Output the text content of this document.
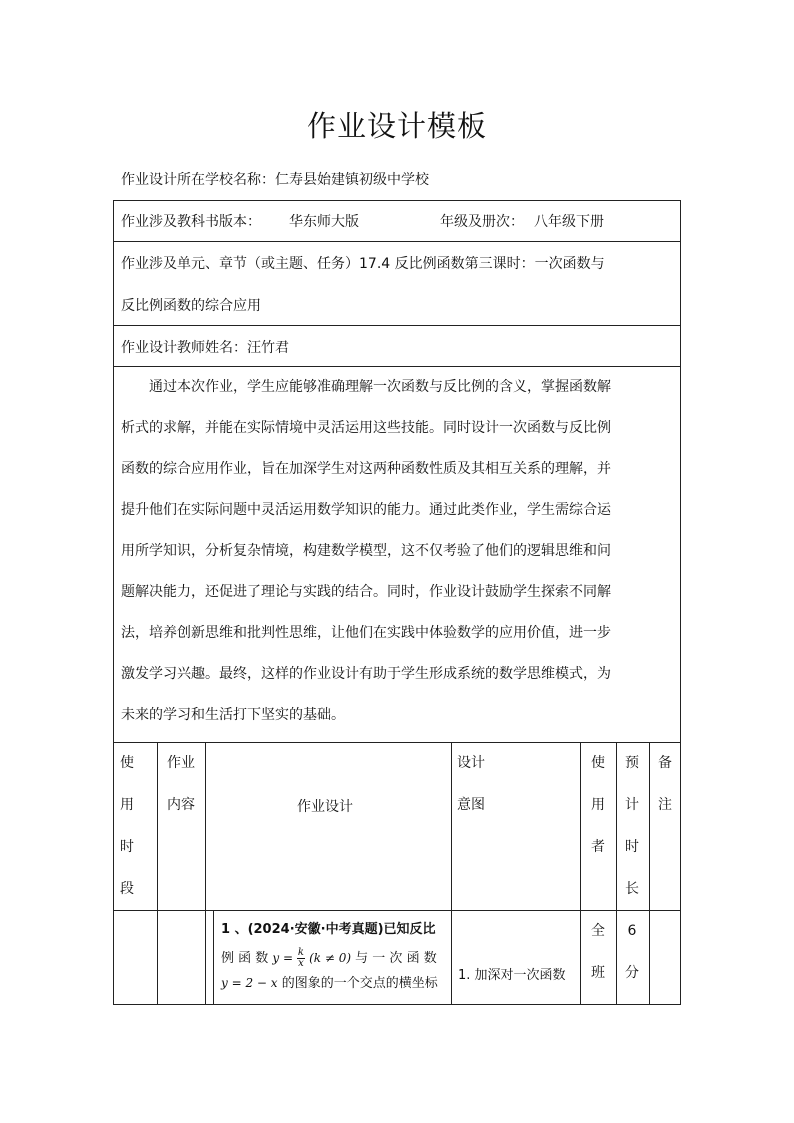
作业设计模板
作业设计所在学校名称：仁寿县始建镇初级中学校
作业涉及教科书版本： 华东师大版	年级及册次： 八年级下册
作业涉及单元、章节（或主题、任务）17.4 反比例函数第三课时：一次函数与
反比例函数的综合应用
作业设计教师姓名：汪竹君
通过本次作业，学生应能够准确理解一次函数与反比例的含义，掌握函数解
析式的求解，并能在实际情境中灵活运用这些技能。同时设计一次函数与反比例
函数的综合应用作业，旨在加深学生对这两种函数性质及其相互关系的理解，并
提升他们在实际问题中灵活运用数学知识的能力。通过此类作业，学生需综合运
用所学知识，分析复杂情境，构建数学模型，这不仅考验了他们的逻辑思维和问
题解决能力，还促进了理论与实践的结合。同时，作业设计鼓励学生探索不同解
法，培养创新思维和批判性思维，让他们在实践中体验数学的应用价值，进一步
激发学习兴趣。最终，这样的作业设计有助于学生形成系统的数学思维模式，为
未来的学习和生活打下坚实的基础。
使
用
时
段
作业
内容	作业设计
设计
意图
使
用
者
预
计
时
长
备
注
1 、(2024·安徽·中考真题)已知反比
例 函 数 $y = \frac{k}{x} (k \ne 0)$ 与 一 次 函 数
y = 2 − x 的图象的一个交点的横坐标
1. 加深对一次函数
全
班
6
分
